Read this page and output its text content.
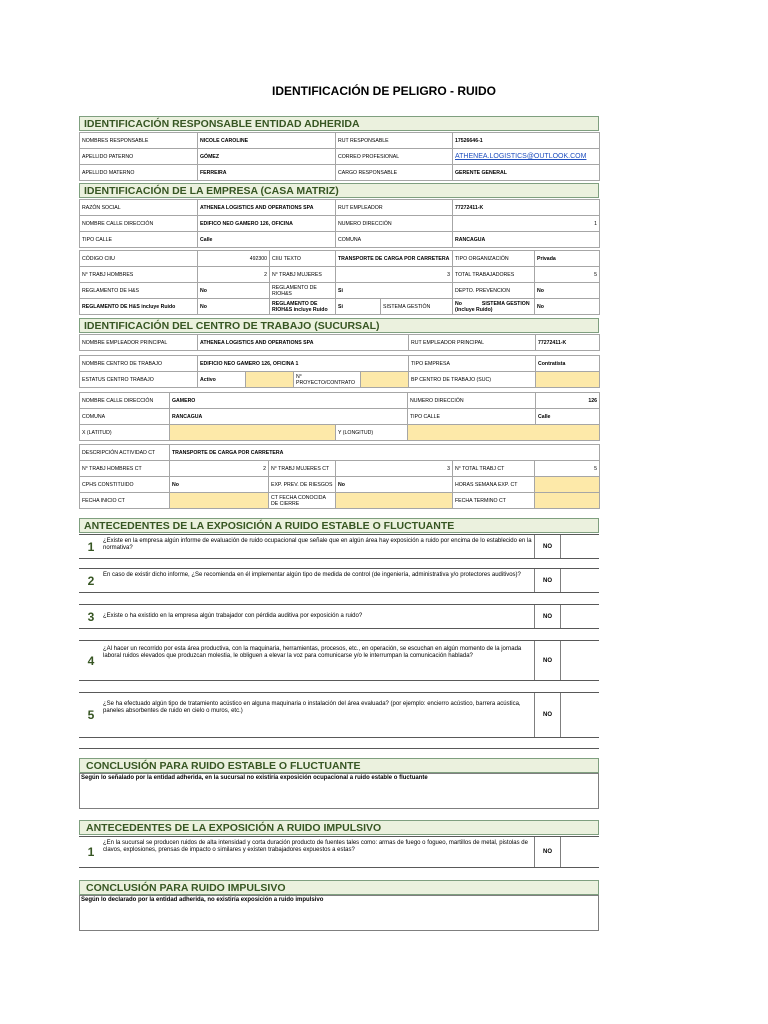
IDENTIFICACIÓN DE PELIGRO - RUIDO
IDENTIFICACIÓN RESPONSABLE ENTIDAD ADHERIDA
NOMBRES RESPONSABLE	NICOLE CAROLINE	RUT RESPONSABLE	17526646-1
APELLIDO PATERNO	GÓMEZ	CORREO PROFESIONAL	ATHENEA.LOGISTICS@OUTLOOK.COM
APELLIDO MATERNO	FERREIRA	CARGO RESPONSABLE	GERENTE GENERAL
IDENTIFICACIÓN DE LA EMPRESA (CASA MATRIZ)
RAZÓN SOCIAL	ATHENEA LOGISTICS AND OPERATIONS SPA	RUT EMPLEADOR	77272411-K
NOMBRE CALLE DIRECCIÓN	EDIFICO NEO GAMERO 126, OFICINA	NUMERO DIRECCIÓN	1
TIPO CALLE	Calle	COMUNA	RANCAGUA
CÓDIGO CIIU	492300	CIIU TEXTO	TRANSPORTE DE CARGA POR CARRETERA		TIPO ORGANIZACIÓN	Privada
N° TRABJ HOMBRES	2	N° TRABJ MUJERES	3		TOTAL TRABAJADORES	5
REGLAMENTO DE H&S	No	REGLAMENTO DE RIOH&S	Si		DEPTO. PREVENCION	No
REGLAMENTO DE H&S incluye Ruido	No	REGLAMENTO DE RIOH&S incluye Ruido	Si	SISTEMA GESTIÓN	No SISTEMA GESTION (incluye Ruido)	No
IDENTIFICACIÓN DEL CENTRO DE TRABAJO (SUCURSAL)
NOMBRE EMPLEADOR PRINCIPAL	ATHENEA LOGISTICS AND OPERATIONS SPA	RUT EMPLEADOR PRINCIPAL	77272411-K
NOMBRE CENTRO DE TRABAJO	EDIFICIO NEO GAMERO 126, OFICINA 1				TIPO EMPRESA	Contratista
ESTATUS CENTRO TRABAJO	Activo		N° PROYECTO/CONTRATO		BP CENTRO DE TRABAJO (SUC)	
NOMBRE CALLE DIRECCIÓN	GAMERO		NUMERO DIRECCIÓN	126
COMUNA	RANCAGUA		TIPO CALLE	Calle
X (LATITUD)		Y (LONGITUD)		
DESCRIPCIÓN ACTIVIDAD CT	TRANSPORTE DE CARGA POR CARRETERA
N° TRABJ HOMBRES CT	2	N° TRABJ MUJERES CT	3	N° TOTAL TRABJ CT	5
CPHS CONSTITUIDO	No	EXP. PREV. DE RIESGOS	No	HORAS SEMANA EXP. CT	
FECHA INICIO CT		CT FECHA CONOCIDA DE CIERRE		FECHA TERMINO CT	
ANTECEDENTES DE LA EXPOSICIÓN A RUIDO ESTABLE O FLUCTUANTE
1	¿Existe en la empresa algún informe de evaluación de ruido ocupacional que señale que en algún área hay exposición a ruido por encima de lo establecido en la normativa?	NO
2	En caso de existir dicho informe, ¿Se recomienda en él implementar algún tipo de medida de control (de ingeniería, administrativa y/o protectores auditivos)?
NO
3	¿Existe o ha existido en la empresa algún trabajador con pérdida auditiva por exposición a ruido?	NO
4
¿Al hacer un recorrido por esta área productiva, con la maquinaria, herramientas, procesos, etc., en operación, se escuchan en algún momento de la jornada laboral ruidos elevados que produzcan molestia, le obliguen a elevar la voz para comunicarse y/o le interrumpan la comunicación hablada?
NO
5
¿Se ha efectuado algún tipo de tratamiento acústico en alguna maquinaria o instalación del área evaluada? (por ejemplo: encierro acústico, barrera acústica, paneles absorbentes de ruido en cielo o muros, etc.)
NO
CONCLUSIÓN PARA RUIDO ESTABLE O FLUCTUANTE
Según lo señalado por la entidad adherida, en la sucursal no existiría exposición ocupacional a ruido estable o fluctuante
ANTECEDENTES DE LA EXPOSICIÓN A RUIDO IMPULSIVO
1
¿En la sucursal se producen ruidos de alta intensidad y corta duración producto de fuentes tales como: armas de fuego o fogueo, martillos de metal, pistolas de clavos, explosiones, prensas de impacto o similares y existen trabajadores expuestos a estas?	NO
CONCLUSIÓN PARA RUIDO IMPULSIVO
Según lo declarado por la entidad adherida, no existiría exposición a ruido impulsivo
